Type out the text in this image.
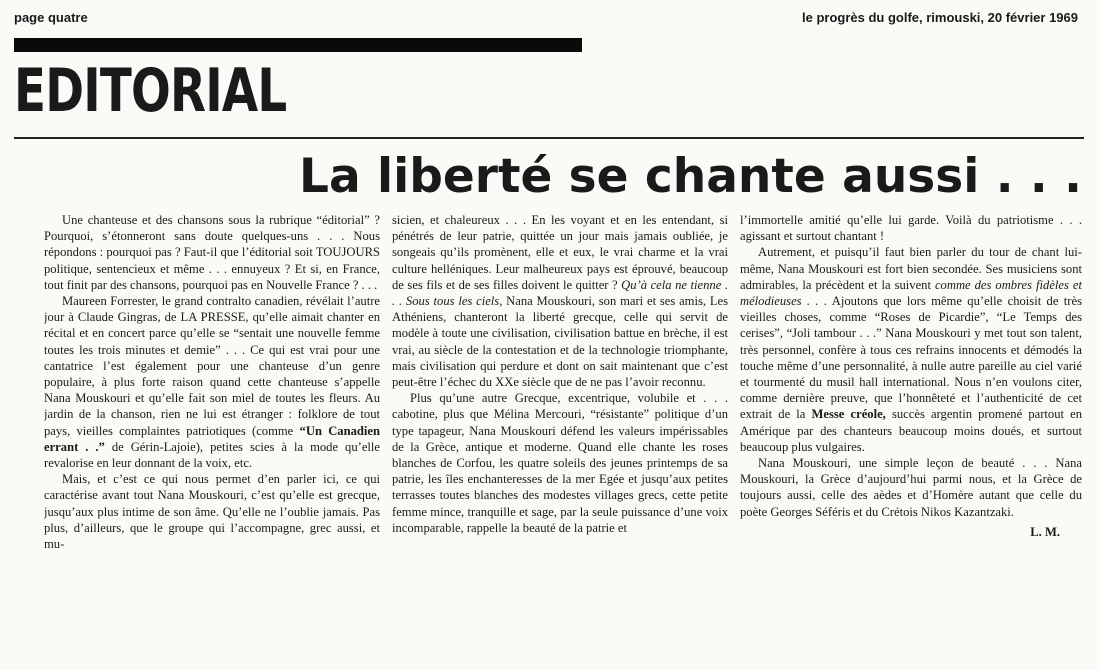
page quatre	le progrès du golfe, rimouski, 20 février 1969
EDITORIAL
La liberté se chante aussi . . .

Une chanteuse et des chansons sous la rubrique “éditorial” ? Pourquoi, s’étonneront sans doute quelques-uns . . . Nous répondons : pourquoi pas ? Faut-il que l’éditorial soit TOUJOURS politique, sentencieux et même . . . ennuyeux ? Et si, en France, tout finit par des chansons, pourquoi pas en Nouvelle France ? . . .

Maureen Forrester, le grand contralto canadien, révélait l’autre jour à Claude Gingras, de LA PRESSE, qu’elle aimait chanter en récital et en concert parce qu’elle se “sentait une nouvelle femme toutes les trois minutes et demie” . . . Ce qui est vrai pour une cantatrice l’est également pour une chanteuse d’un genre populaire, à plus forte raison quand cette chanteuse s’appelle Nana Mouskouri et qu’elle fait son miel de toutes les fleurs. Au jardin de la chanson, rien ne lui est étranger : folklore de tout pays, vieilles complaintes patriotiques (comme “Un Canadien errant . .” de Gérin-Lajoie), petites scies à la mode qu’elle revalorise en leur donnant de la voix, etc.

Mais, et c’est ce qui nous permet d’en parler ici, ce qui caractérise avant tout Nana Mouskouri, c’est qu’elle est grecque, jusqu’aux plus intime de son âme. Qu’elle ne l’oublie jamais. Pas plus, d’ailleurs, que le groupe qui l’accompagne, grec aussi, et mu-

sicien, et chaleureux . . . En les voyant et en les entendant, si pénétrés de leur patrie, quittée un jour mais jamais oubliée, je songeais qu’ils promènent, elle et eux, le vrai charme et la vrai culture helléniques. Leur malheureux pays est éprouvé, beaucoup de ses fils et de ses filles doivent le quitter ? Qu’à cela ne tienne . . . Sous tous les ciels, Nana Mouskouri, son mari et ses amis, Les Athéniens, chanteront la liberté grecque, celle qui servit de modèle à toute une civilisation, civilisation battue en brèche, il est vrai, au siècle de la contestation et de la technologie triomphante, mais civilisation qui perdure et dont on sait maintenant que c’est peut-être l’échec du XXe siècle que de ne pas l’avoir reconnu.

Plus qu’une autre Grecque, excentrique, volubile et . . . cabotine, plus que Mélina Mercouri, “résistante” politique d’un type tapageur, Nana Mouskouri défend les valeurs impérissables de la Grèce, antique et moderne. Quand elle chante les roses blanches de Corfou, les quatre soleils des jeunes printemps de sa patrie, les îles enchanteresses de la mer Egée et jusqu’aux petites terrasses toutes blanches des modestes villages grecs, cette petite femme mince, tranquille et sage, par la seule puissance d’une voix incomparable, rappelle la beauté de la patrie et

l’immortelle amitié qu’elle lui garde. Voilà du patriotisme . . . agissant et surtout chantant !

Autrement, et puisqu’il faut bien parler du tour de chant lui-même, Nana Mouskouri est fort bien secondée. Ses musiciens sont admirables, la précèdent et la suivent comme des ombres fidèles et mélodieuses . . . Ajoutons que lors même qu’elle choisit de très vieilles choses, comme “Roses de Picardie”, “Le Temps des cerises”, “Joli tambour . . .” Nana Mouskouri y met tout son talent, très personnel, confère à tous ces refrains innocents et démodés la touche même d’une personnalité, à nulle autre pareille au ciel varié et tourmenté du musil hall international. Nous n’en voulons citer, comme dernière preuve, que l’honnêteté et l’authenticité de cet extrait de la Messe créole, succès argentin promené partout en Amérique par des chanteurs beaucoup moins doués, et surtout beaucoup plus vulgaires.

Nana Mouskouri, une simple leçon de beauté . . . Nana Mouskouri, la Grèce d’aujourd’hui parmi nous, et la Grèce de toujours aussi, celle des aèdes et d’Homère autant que celle du poète Georges Séféris et du Crétois Nikos Kazantzaki.

L. M.
